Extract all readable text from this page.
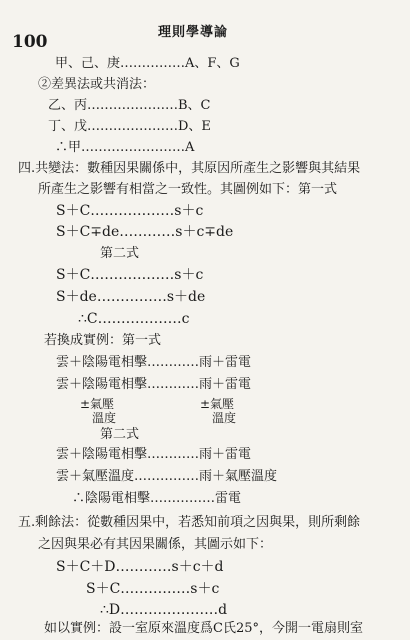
100	理則學導論
甲、己、庚……………A、F、G
②差異法或共消法：
乙、丙…………………B、C
丁、戊…………………D、E
∴甲……………………A
四.共變法：數種因果關係中，其原因所產生之影響與其結果
所產生之影響有相當之一致性。其圖例如下：第一式
S＋C………………s＋c
S＋C∓de…………s＋c∓de
第二式
S＋C………………s＋c
S＋de……………s＋de
∴C………………c
若換成實例：第一式
雲＋陰陽電相擊…………雨＋雷電
雲＋陰陽電相擊…………雨＋雷電
±氣壓
溫度
±氣壓
溫度
第二式
雲＋陰陽電相擊…………雨＋雷電
雲＋氣壓溫度……………雨＋氣壓溫度
∴陰陽電相擊……………雷電
五.剩餘法：從數種因果中，若悉知前項之因與果，則所剩餘
之因與果必有其因果關係，其圖示如下：
S＋C＋D…………s＋c＋d
S＋C……………s＋c
∴D…………………d
如以實例：設一室原來溫度爲C氏25°，今開一電扇則室
